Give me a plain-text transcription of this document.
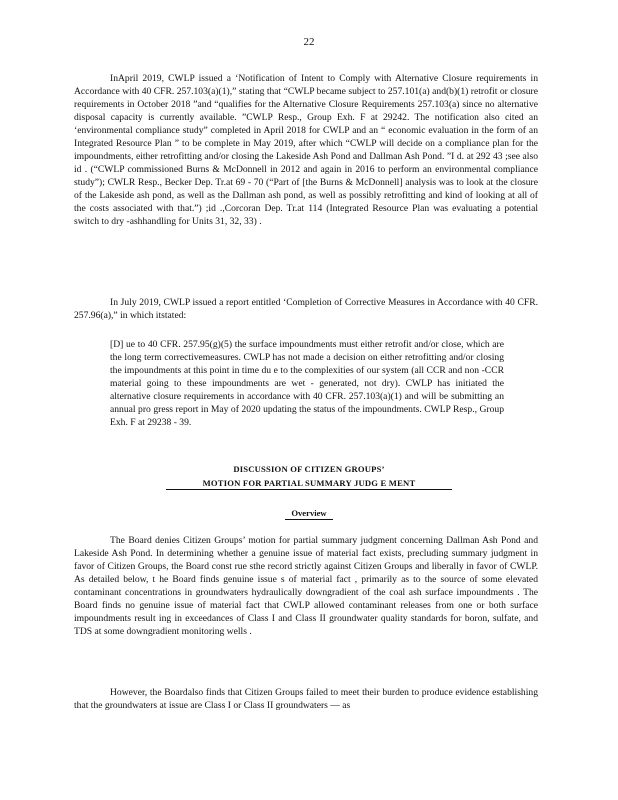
22

InApril 2019, CWLP issued a ‘Notification of Intent to Comply with Alternative Closure requirements in Accordance with 40 CFR. 257.103(a)(1),” stating that “CWLP became subject to 257.101(a) and(b)(1) retrofit or closure requirements in October 2018 ”and “qualifies for the Alternative Closure Requirements 257.103(a) since no alternative disposal capacity is currently available. ”CWLP Resp., Group Exh. F at 29242. The notification also cited an ‘environmental compliance study” completed in April 2018 for CWLP and an “ economic evaluation in the form of an Integrated Resource Plan ” to be complete in May 2019, after which “CWLP will decide on a compliance plan for the impoundments, either retrofitting and/or closing the Lakeside Ash Pond and Dallman Ash Pond. ”I d. at 292 43 ;see also id . (“CWLP commissioned Burns & McDonnell in 2012 and again in 2016 to perform an environmental compliance study”); CWLR Resp., Becker Dep. Tr.at 69 - 70 (“Part of [the Burns & McDonnell] analysis was to look at the closure of the Lakeside ash pond, as well as the Dallman ash pond, as well as possibly retrofitting and kind of looking at all of the costs associated with that.”) ;id .,Corcoran Dep. Tr.at 114 (Integrated Resource Plan was evaluating a potential switch to dry -ashhandling for Units 31, 32, 33) .

In July 2019, CWLP issued a report entitled ‘Completion of Corrective Measures in Accordance with 40 CFR. 257.96(a),” in which itstated:

[D] ue to 40 CFR. 257.95(g)(5) the surface impoundments must either retrofit and/or close, which are the long term correctivemeasures. CWLP has not made a decision on either retrofitting and/or closing the impoundments at this point in time du e to the complexities of our system (all CCR and non -CCR material going to these impoundments are wet - generated, not dry). CWLP has initiated the alternative closure requirements in accordance with 40 CFR. 257.103(a)(1) and will be submitting an annual pro gress report in May of 2020 updating the status of the impoundments. CWLP Resp., Group Exh. F at 29238 - 39.

DISCUSSION OF CITIZEN GROUPS’
MOTION FOR PARTIAL SUMMARY JUDG E MENT
Overview

The Board denies Citizen Groups’ motion for partial summary judgment concerning Dallman Ash Pond and Lakeside Ash Pond. In determining whether a genuine issue of material fact exists, precluding summary judgment in favor of Citizen Groups, the Board const rue sthe record strictly against Citizen Groups and liberally in favor of CWLP. As detailed below, t he Board finds genuine issue s of material fact , primarily as to the source of some elevated contaminant concentrations in groundwaters hydraulically downgradient of the coal ash surface impoundments . The Board finds no genuine issue of material fact that CWLP allowed contaminant releases from one or both surface impoundments result ing in exceedances of Class I and Class II groundwater quality standards for boron, sulfate, and TDS at some downgradient monitoring wells .

However, the Boardalso finds that Citizen Groups failed to meet their burden to produce evidence establishing that the groundwaters at issue are Class I or Class II groundwaters — as
